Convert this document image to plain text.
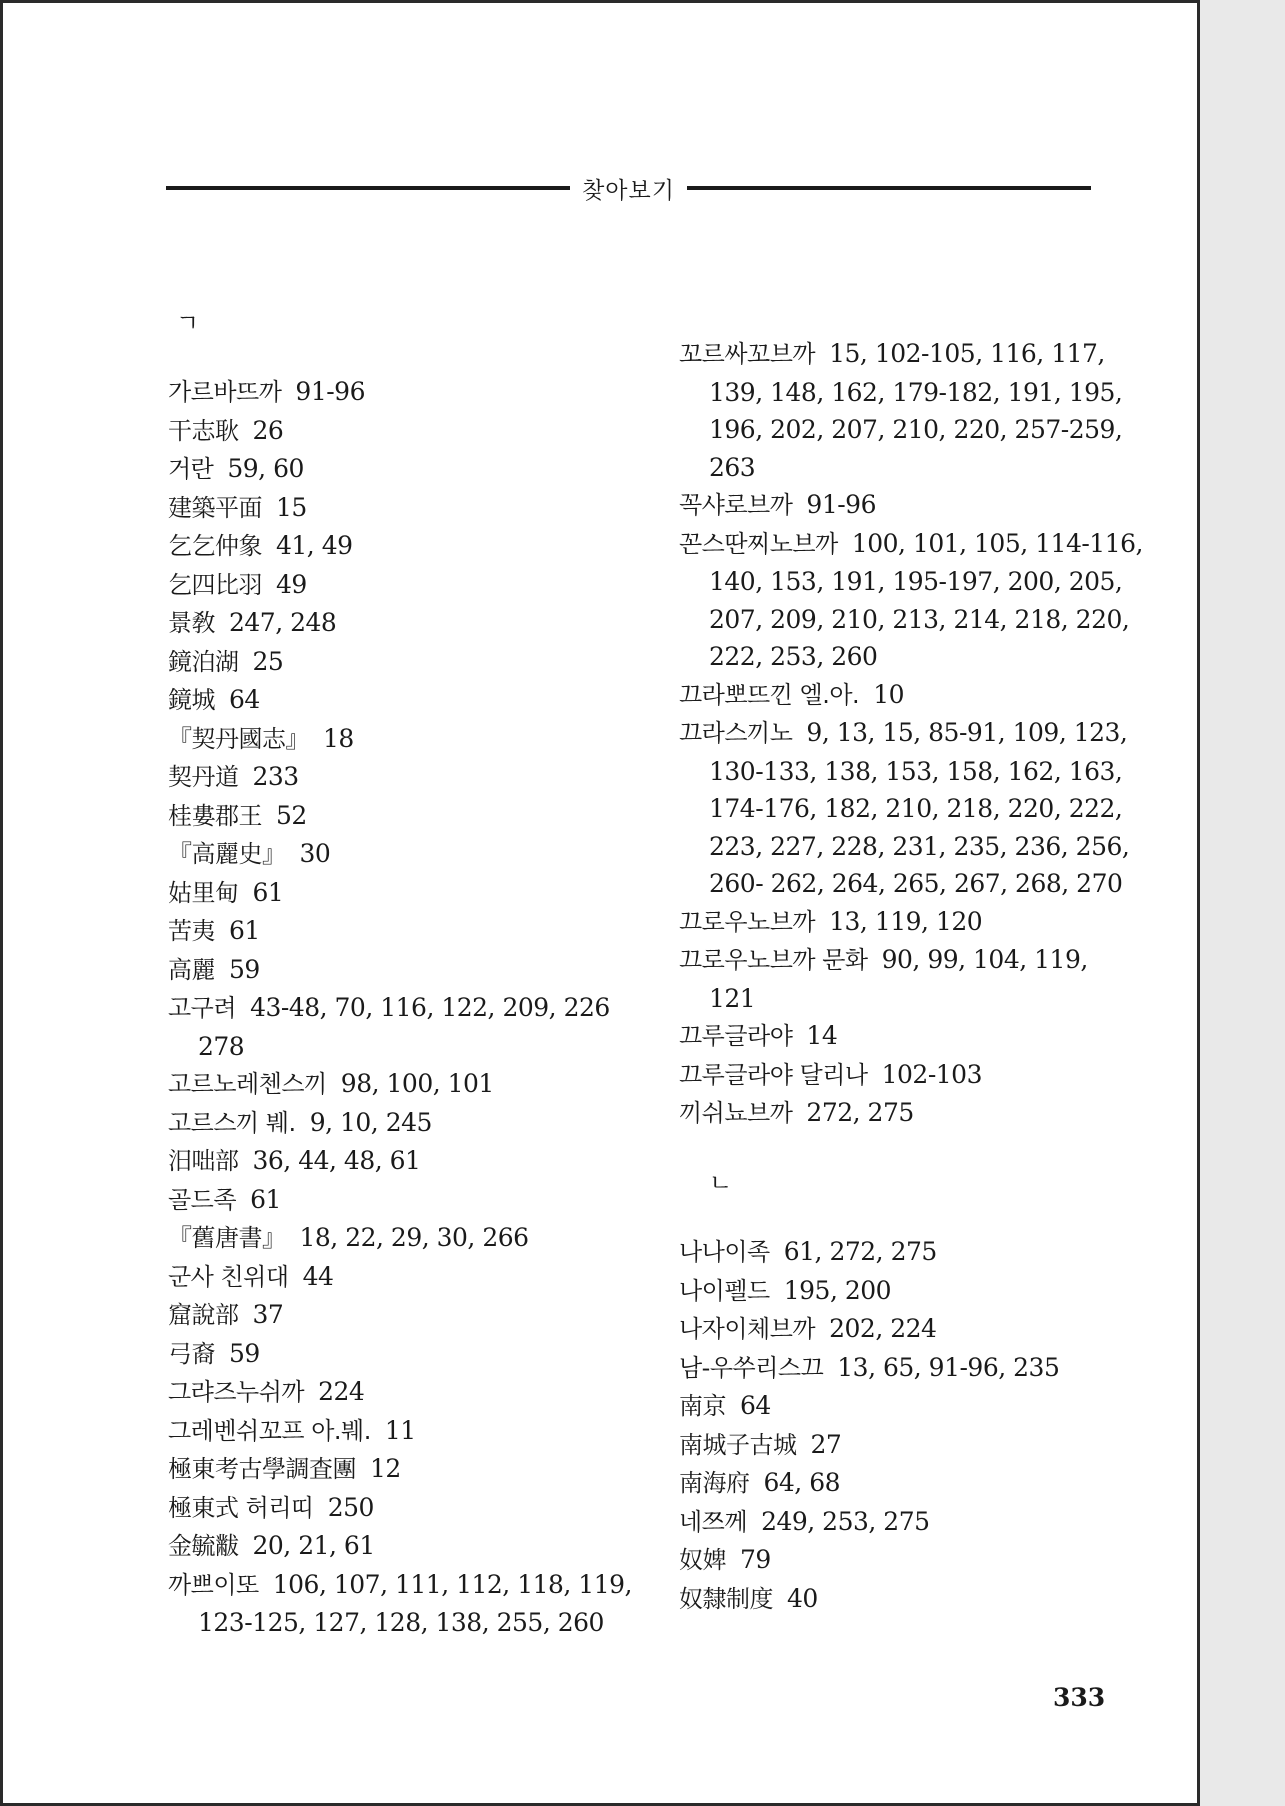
찾아보기
ㄱ
가르바뜨까 91-96
干志耿 26
거란 59, 60
建築平面 15
乞乞仲象 41, 49
乞四比羽 49
景敎 247, 248
鏡泊湖 25
鏡城 64
『契丹國志』 18
契丹道 233
桂婁郡王 52
『高麗史』 30
姑里甸 61
苦夷 61
高麗 59
고구려 43-48, 70, 116, 122, 209, 226
278
고르노레첸스끼 98, 100, 101
고르스끼 붸. 9, 10, 245
汨咄部 36, 44, 48, 61
골드족 61
『舊唐書』 18, 22, 29, 30, 266
군사 친위대 44
窟說部 37
弓裔 59
그랴즈누쉬까 224
그레벤쉬꼬프 아.붸. 11
極東考古學調査團 12
極東式 허리띠 250
金毓黻 20, 21, 61
까쁘이또 106, 107, 111, 112, 118, 119,
123-125, 127, 128, 138, 255, 260
꼬르싸꼬브까 15, 102-105, 116, 117,
139, 148, 162, 179-182, 191, 195,
196, 202, 207, 210, 220, 257-259,
263
꼭샤로브까 91-96
꼰스딴찌노브까 100, 101, 105, 114-116,
140, 153, 191, 195-197, 200, 205,
207, 209, 210, 213, 214, 218, 220,
222, 253, 260
끄라뽀뜨낀 엘.아. 10
끄라스끼노 9, 13, 15, 85-91, 109, 123,
130-133, 138, 153, 158, 162, 163,
174-176, 182, 210, 218, 220, 222,
223, 227, 228, 231, 235, 236, 256,
260- 262, 264, 265, 267, 268, 270
끄로우노브까 13, 119, 120
끄로우노브까 문화 90, 99, 104, 119,
121
끄루글라야 14
끄루글라야 달리나 102-103
끼쉬뇨브까 272, 275
ㄴ
나나이족 61, 272, 275
나이펠드 195, 200
나자이체브까 202, 224
남-우쑤리스끄 13, 65, 91-96, 235
南京 64
南城子古城 27
南海府 64, 68
네쯔께 249, 253, 275
奴婢 79
奴隸制度 40
333
